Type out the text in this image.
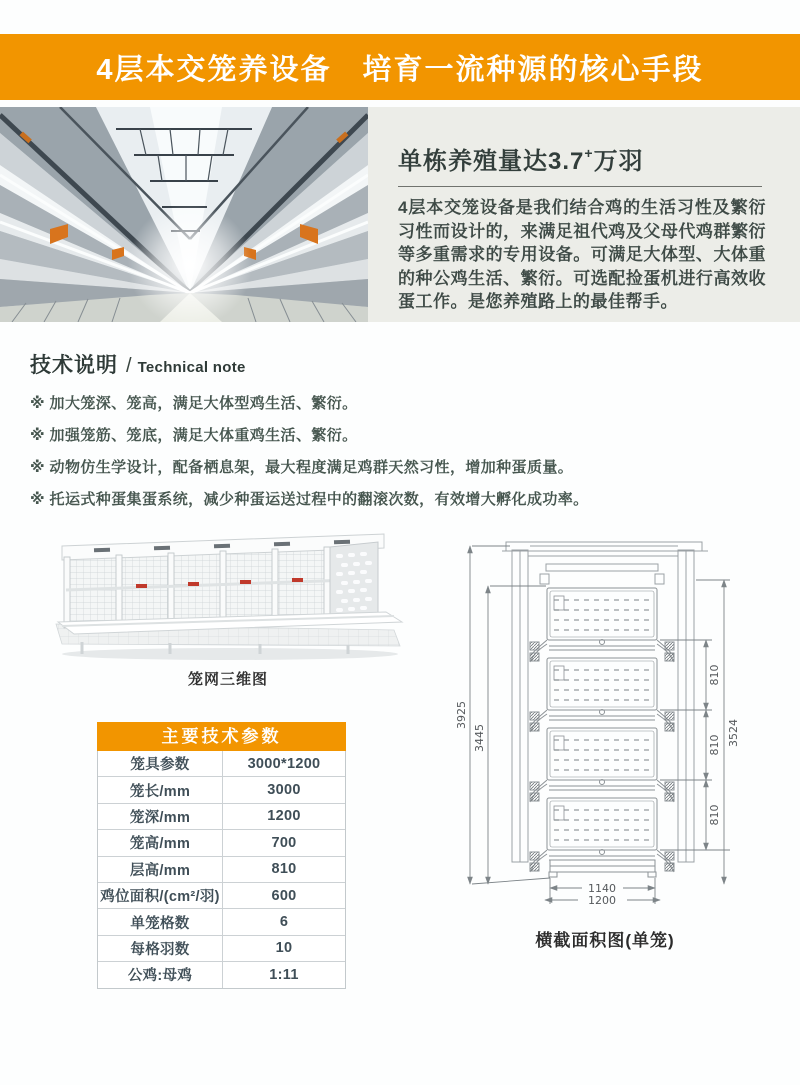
4层本交笼养设备　培育一流种源的核心手段
单栋养殖量达3.7+万羽
4层本交笼设备是我们结合鸡的生活习性及繁衍习性而设计的，来满足祖代鸡及父母代鸡群繁衍等多重需求的专用设备。可满足大体型、大体重的种公鸡生活、繁衍。可选配捡蛋机进行高效收蛋工作。是您养殖路上的最佳帮手。
技术说明 / Technical note
※ 加大笼深、笼高，满足大体型鸡生活、繁衍。
※ 加强笼筋、笼底，满足大体重鸡生活、繁衍。
※ 动物仿生学设计，配备栖息架，最大程度满足鸡群天然习性，增加种蛋质量。
※ 托运式种蛋集蛋系统，减少种蛋运送过程中的翻滚次数，有效增大孵化成功率。
笼网三维图
主要技术参数
笼具参数	3000*1200
笼长/mm	3000
笼深/mm	1200
笼高/mm	700
层高/mm	810
鸡位面积/(cm²/羽)	600
单笼格数	6
每格羽数	10
公鸡:母鸡	1:11
3925
3445
810
810
810
3524
1140
1200
横截面积图(单笼)
